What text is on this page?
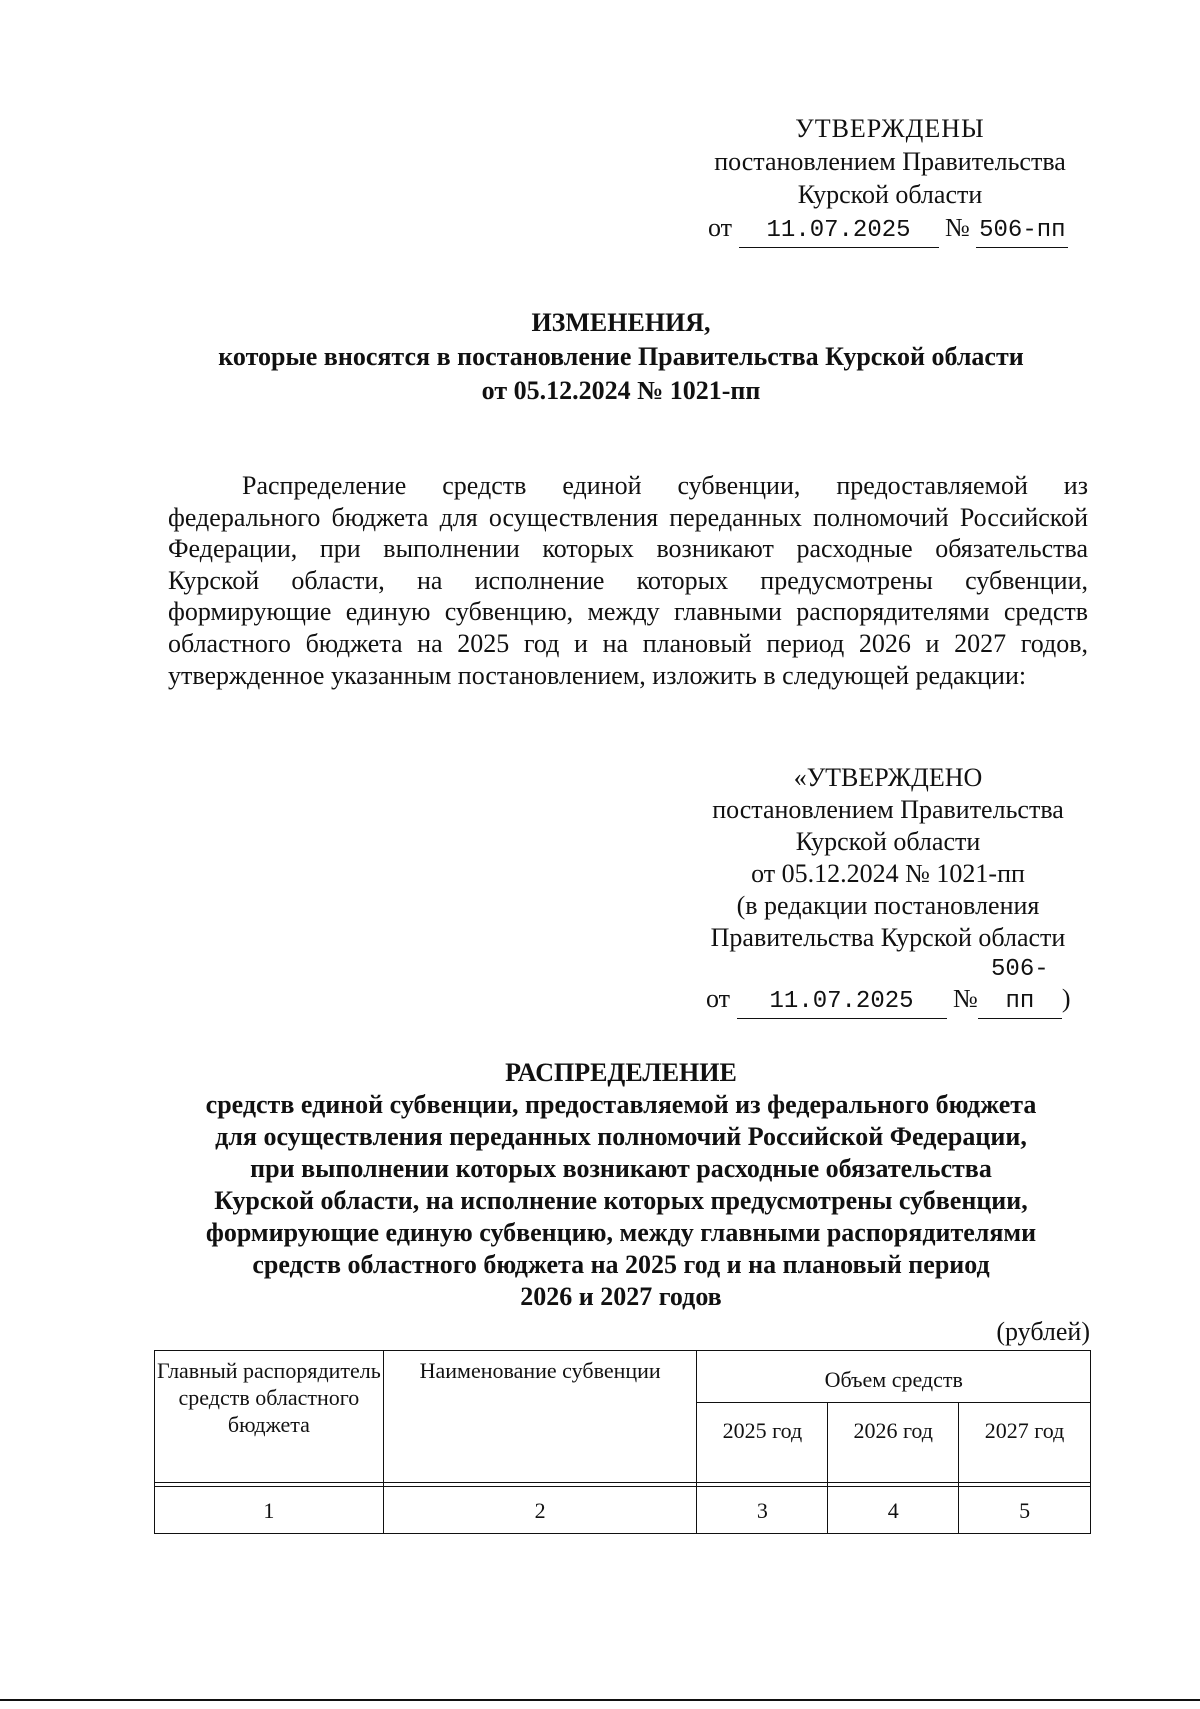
УТВЕРЖДЕНЫ
постановлением Правительства
Курской области
от 11.07.2025 № 506-пп
ИЗМЕНЕНИЯ,
которые вносятся в постановление Правительства Курской области
от 05.12.2024 № 1021-пп
Распределение средств единой субвенции, предоставляемой из федерального бюджета для осуществления переданных полномочий Российской Федерации, при выполнении которых возникают расходные обязательства Курской области, на исполнение которых предусмотрены субвенции, формирующие единую субвенцию, между главными распорядителями средств областного бюджета на 2025 год и на плановый период 2026 и 2027 годов, утвержденное указанным постановлением, изложить в следующей редакции:
«УТВЕРЖДЕНО
постановлением Правительства
Курской области
от 05.12.2024 № 1021-пп
(в редакции постановления
Правительства Курской области
от 11.07.2025 №506-пп )
РАСПРЕДЕЛЕНИЕ
средств единой субвенции, предоставляемой из федерального бюджета
для осуществления переданных полномочий Российской Федерации,
при выполнении которых возникают расходные обязательства
Курской области, на исполнение которых предусмотрены субвенции,
формирующие единую субвенцию, между главными распорядителями
средств областного бюджета на 2025 год и на плановый период
2026 и 2027 годов
(рублей)
Главный распорядитель средств областного бюджета	Наименование субвенции	Объем средств		
		2025 год	2026 год	2027 год

1	2	3	4	5
